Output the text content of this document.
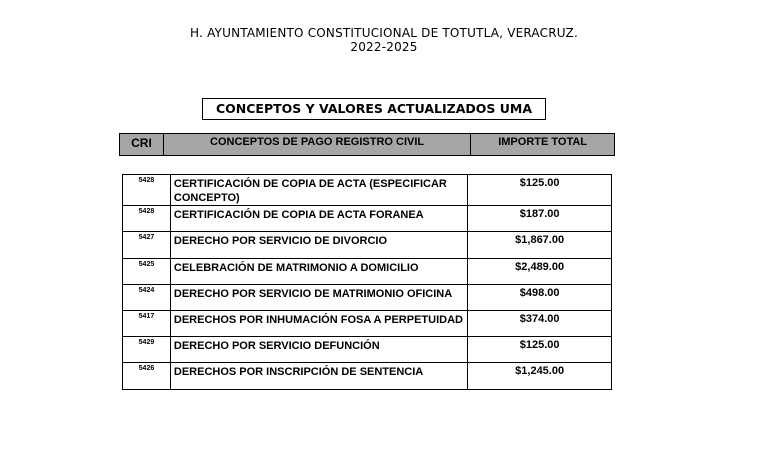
H. AYUNTAMIENTO CONSTITUCIONAL DE TOTUTLA, VERACRUZ.
2022-2025
CONCEPTOS Y VALORES ACTUALIZADOS UMA
CRI	CONCEPTOS DE PAGO REGISTRO CIVIL	IMPORTE TOTAL
5428	CERTIFICACIÓN DE COPIA DE ACTA (ESPECIFICAR CONCEPTO)	$125.00
5428	CERTIFICACIÓN DE COPIA DE ACTA FORANEA	$187.00
5427	DERECHO POR SERVICIO DE DIVORCIO	$1,867.00
5425	CELEBRACIÓN DE MATRIMONIO A DOMICILIO	$2,489.00
5424	DERECHO POR SERVICIO DE MATRIMONIO OFICINA	$498.00
5417	DERECHOS POR INHUMACIÓN FOSA A PERPETUIDAD	$374.00
5429	DERECHO POR SERVICIO DEFUNCIÓN	$125.00
5426	DERECHOS POR INSCRIPCIÓN DE SENTENCIA	$1,245.00
